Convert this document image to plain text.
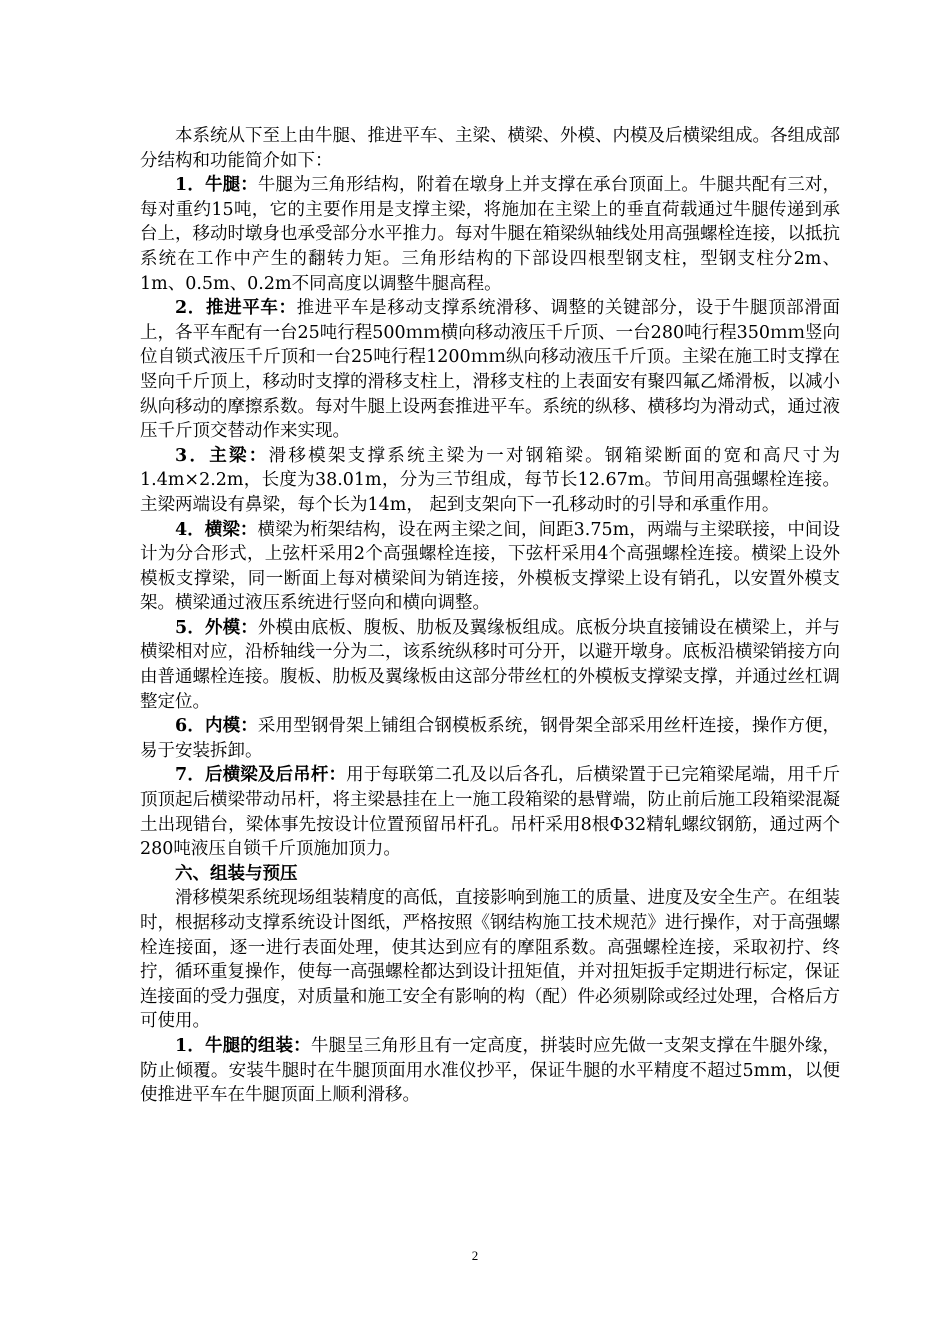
本系统从下至上由牛腿、推进平车、主梁、横梁、外模、内模及后横梁组成。各组成部分结构和功能简介如下：

1．牛腿：牛腿为三角形结构，附着在墩身上并支撑在承台顶面上。牛腿共配有三对，每对重约15吨，它的主要作用是支撑主梁，将施加在主梁上的垂直荷载通过牛腿传递到承台上，移动时墩身也承受部分水平推力。每对牛腿在箱梁纵轴线处用高强螺栓连接，以抵抗系统在工作中产生的翻转力矩。三角形结构的下部设四根型钢支柱，型钢支柱分2m、1m、0.5m、0.2m不同高度以调整牛腿高程。

2．推进平车：推进平车是移动支撑系统滑移、调整的关键部分，设于牛腿顶部滑面上，各平车配有一台25吨行程500ｍｍ横向移动液压千斤顶、一台280吨行程350ｍｍ竖向位自锁式液压千斤顶和一台25吨行程1200ｍｍ纵向移动液压千斤顶。主梁在施工时支撑在竖向千斤顶上，移动时支撑的滑移支柱上，滑移支柱的上表面安有聚四氟乙烯滑板，以减小纵向移动的摩擦系数。每对牛腿上设两套推进平车。系统的纵移、横移均为滑动式，通过液压千斤顶交替动作来实现。

3．主梁：滑移模架支撑系统主梁为一对钢箱梁。钢箱梁断面的宽和高尺寸为1.4m×2.2m，长度为38.01m，分为三节组成，每节长12.67m。节间用高强螺栓连接。主梁两端设有鼻梁，每个长为14m， 起到支架向下一孔移动时的引导和承重作用。

4．横梁：横梁为桁架结构，设在两主梁之间，间距3.75m，两端与主梁联接，中间设计为分合形式，上弦杆采用2个高强螺栓连接，下弦杆采用4个高强螺栓连接。横梁上设外模板支撑梁，同一断面上每对横梁间为销连接，外模板支撑梁上设有销孔，以安置外模支架。横梁通过液压系统进行竖向和横向调整。

5．外模：外模由底板、腹板、肋板及翼缘板组成。底板分块直接铺设在横梁上，并与横梁相对应，沿桥轴线一分为二，该系统纵移时可分开，以避开墩身。底板沿横梁销接方向由普通螺栓连接。腹板、肋板及翼缘板由这部分带丝杠的外模板支撑梁支撑，并通过丝杠调整定位。

6．内模：采用型钢骨架上铺组合钢模板系统，钢骨架全部采用丝杆连接，操作方便，易于安装拆卸。

7．后横梁及后吊杆：用于每联第二孔及以后各孔，后横梁置于已完箱梁尾端，用千斤顶顶起后横梁带动吊杆，将主梁悬挂在上一施工段箱梁的悬臂端，防止前后施工段箱梁混凝土出现错台，梁体事先按设计位置预留吊杆孔。吊杆采用8根Φ32精轧螺纹钢筋，通过两个280吨液压自锁千斤顶施加顶力。

六、组装与预压

滑移模架系统现场组装精度的高低，直接影响到施工的质量、进度及安全生产。在组装时，根据移动支撑系统设计图纸，严格按照《钢结构施工技术规范》进行操作，对于高强螺栓连接面，逐一进行表面处理，使其达到应有的摩阻系数。高强螺栓连接，采取初拧、终拧，循环重复操作，使每一高强螺栓都达到设计扭矩值，并对扭矩扳手定期进行标定，保证连接面的受力强度，对质量和施工安全有影响的构（配）件必须剔除或经过处理，合格后方可使用。

1．牛腿的组装：牛腿呈三角形且有一定高度，拼装时应先做一支架支撑在牛腿外缘，防止倾覆。安装牛腿时在牛腿顶面用水准仪抄平，保证牛腿的水平精度不超过5mm，以便使推进平车在牛腿顶面上顺利滑移。

2
